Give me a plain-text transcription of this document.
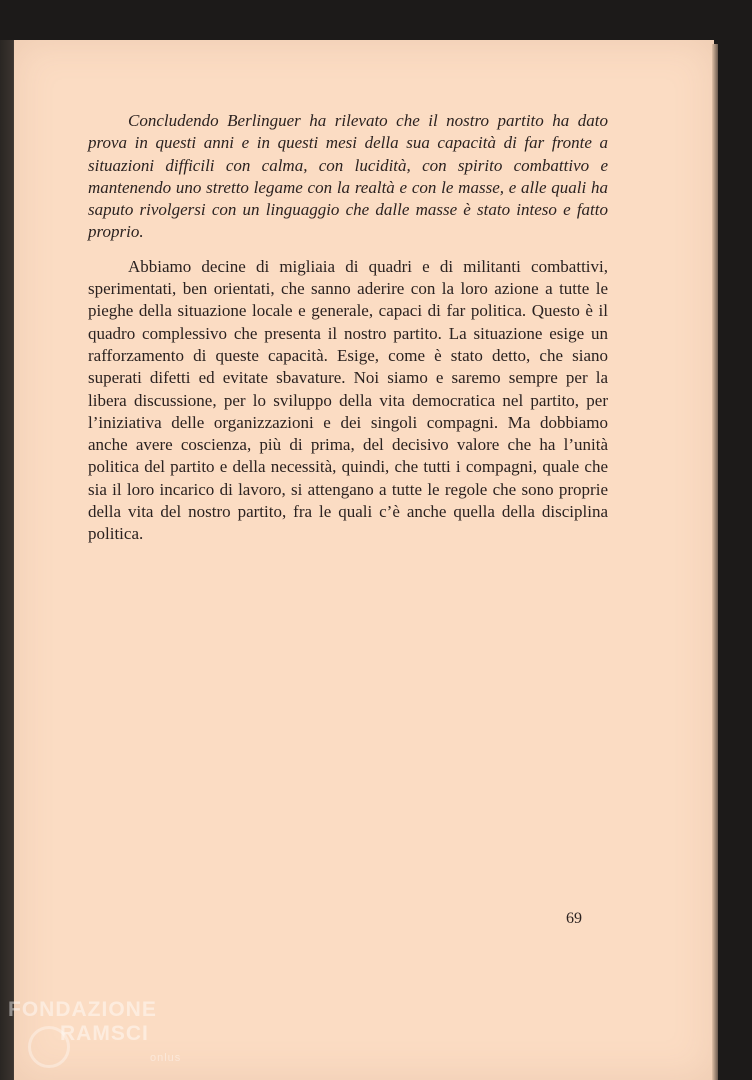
Concludendo Berlinguer ha rilevato che il nostro partito ha dato prova in questi anni e in questi mesi della sua capacità di far fronte a situazioni difficili con calma, con lucidità, con spirito combattivo e mantenendo uno stretto legame con la realtà e con le masse, e alle quali ha saputo rivolgersi con un linguaggio che dalle masse è stato inteso e fatto proprio.

Abbiamo decine di migliaia di quadri e di militanti combattivi, sperimentati, ben orientati, che sanno aderire con la loro azione a tutte le pieghe della situazione locale e generale, capaci di far politica. Questo è il quadro complessivo che presenta il nostro partito. La situazione esige un rafforzamento di queste capacità. Esige, come è stato detto, che siano superati difetti ed evitate sbavature. Noi siamo e saremo sempre per la libera discussione, per lo sviluppo della vita democratica nel partito, per l’iniziativa delle organizzazioni e dei singoli compagni. Ma dobbiamo anche avere coscienza, più di prima, del decisivo valore che ha l’unità politica del partito e della necessità, quindi, che tutti i compagni, quale che sia il loro incarico di lavoro, si attengano a tutte le regole che sono proprie della vita del nostro partito, fra le quali c’è anche quella della disciplina politica.

69
FONDAZIONE
RAMSCI
onlus
